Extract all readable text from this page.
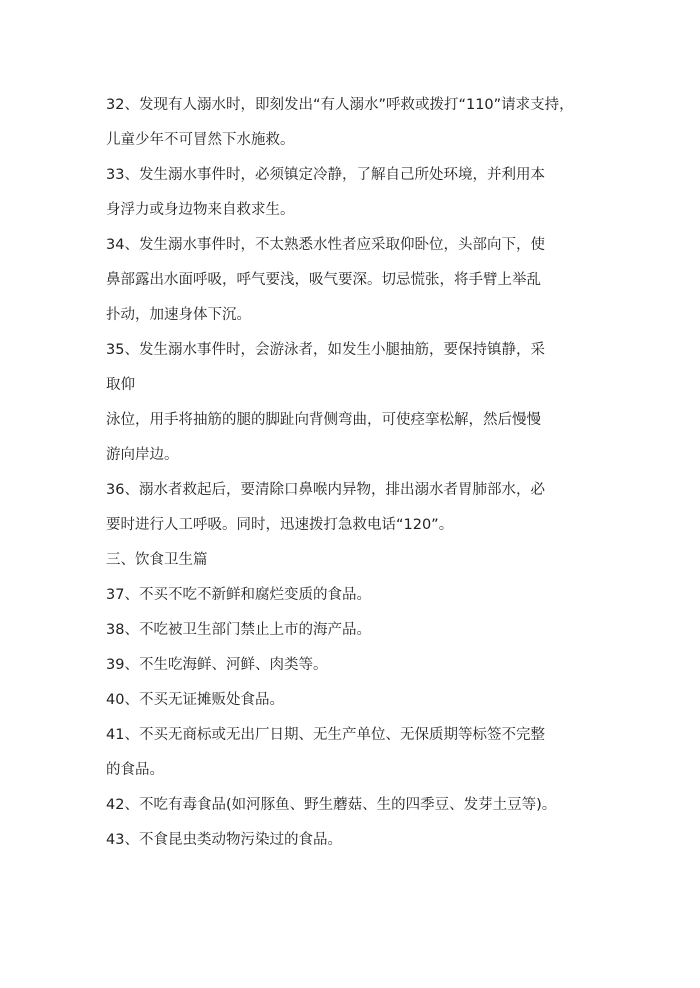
32、发现有人溺水时，即刻发出“有人溺水”呼救或拨打“110”请求支持，
儿童少年不可冒然下水施救。
33、发生溺水事件时，必须镇定冷静，了解自己所处环境，并利用本
身浮力或身边物来自救求生。
34、发生溺水事件时，不太熟悉水性者应采取仰卧位，头部向下，使
鼻部露出水面呼吸，呼气要浅，吸气要深。切忌慌张，将手臂上举乱
扑动，加速身体下沉。
35、发生溺水事件时，会游泳者，如发生小腿抽筋，要保持镇静，采
取仰
泳位，用手将抽筋的腿的脚趾向背侧弯曲，可使痉挛松解，然后慢慢
游向岸边。
36、溺水者救起后，要清除口鼻喉内异物，排出溺水者胃肺部水，必
要时进行人工呼吸。同时，迅速拨打急救电话“120”。
三、饮食卫生篇
37、不买不吃不新鲜和腐烂变质的食品。
38、不吃被卫生部门禁止上市的海产品。
39、不生吃海鲜、河鲜、肉类等。
40、不买无证摊贩处食品。
41、不买无商标或无出厂日期、无生产单位、无保质期等标签不完整
的食品。
42、不吃有毒食品(如河豚鱼、野生蘑菇、生的四季豆、发芽土豆等)。
43、不食昆虫类动物污染过的食品。
